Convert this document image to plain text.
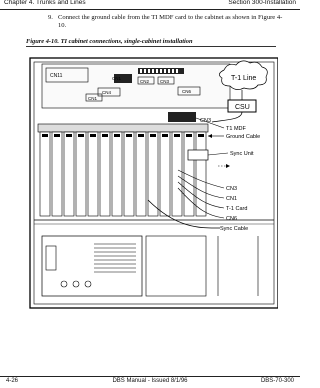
Chapter 4. Trunks and Lines	Section 300-Installation
9. Connect the ground cable from the TI MDF card to the cabinet as shown in Figure 4- 10.
Figure 4-10. TI cabinet connections, single-cabinet installation
CN11	CN1
CN2 CN3
CN4	CN6
CN1
T-1 Line
CSU
CN3
T1 MDF
Ground Cable
Sync Unit
CN3
CN1
T-1 Card
CN6
Sync Cable
4-26	DBS Manual - Issued 8/1/96	DBS-70-300
